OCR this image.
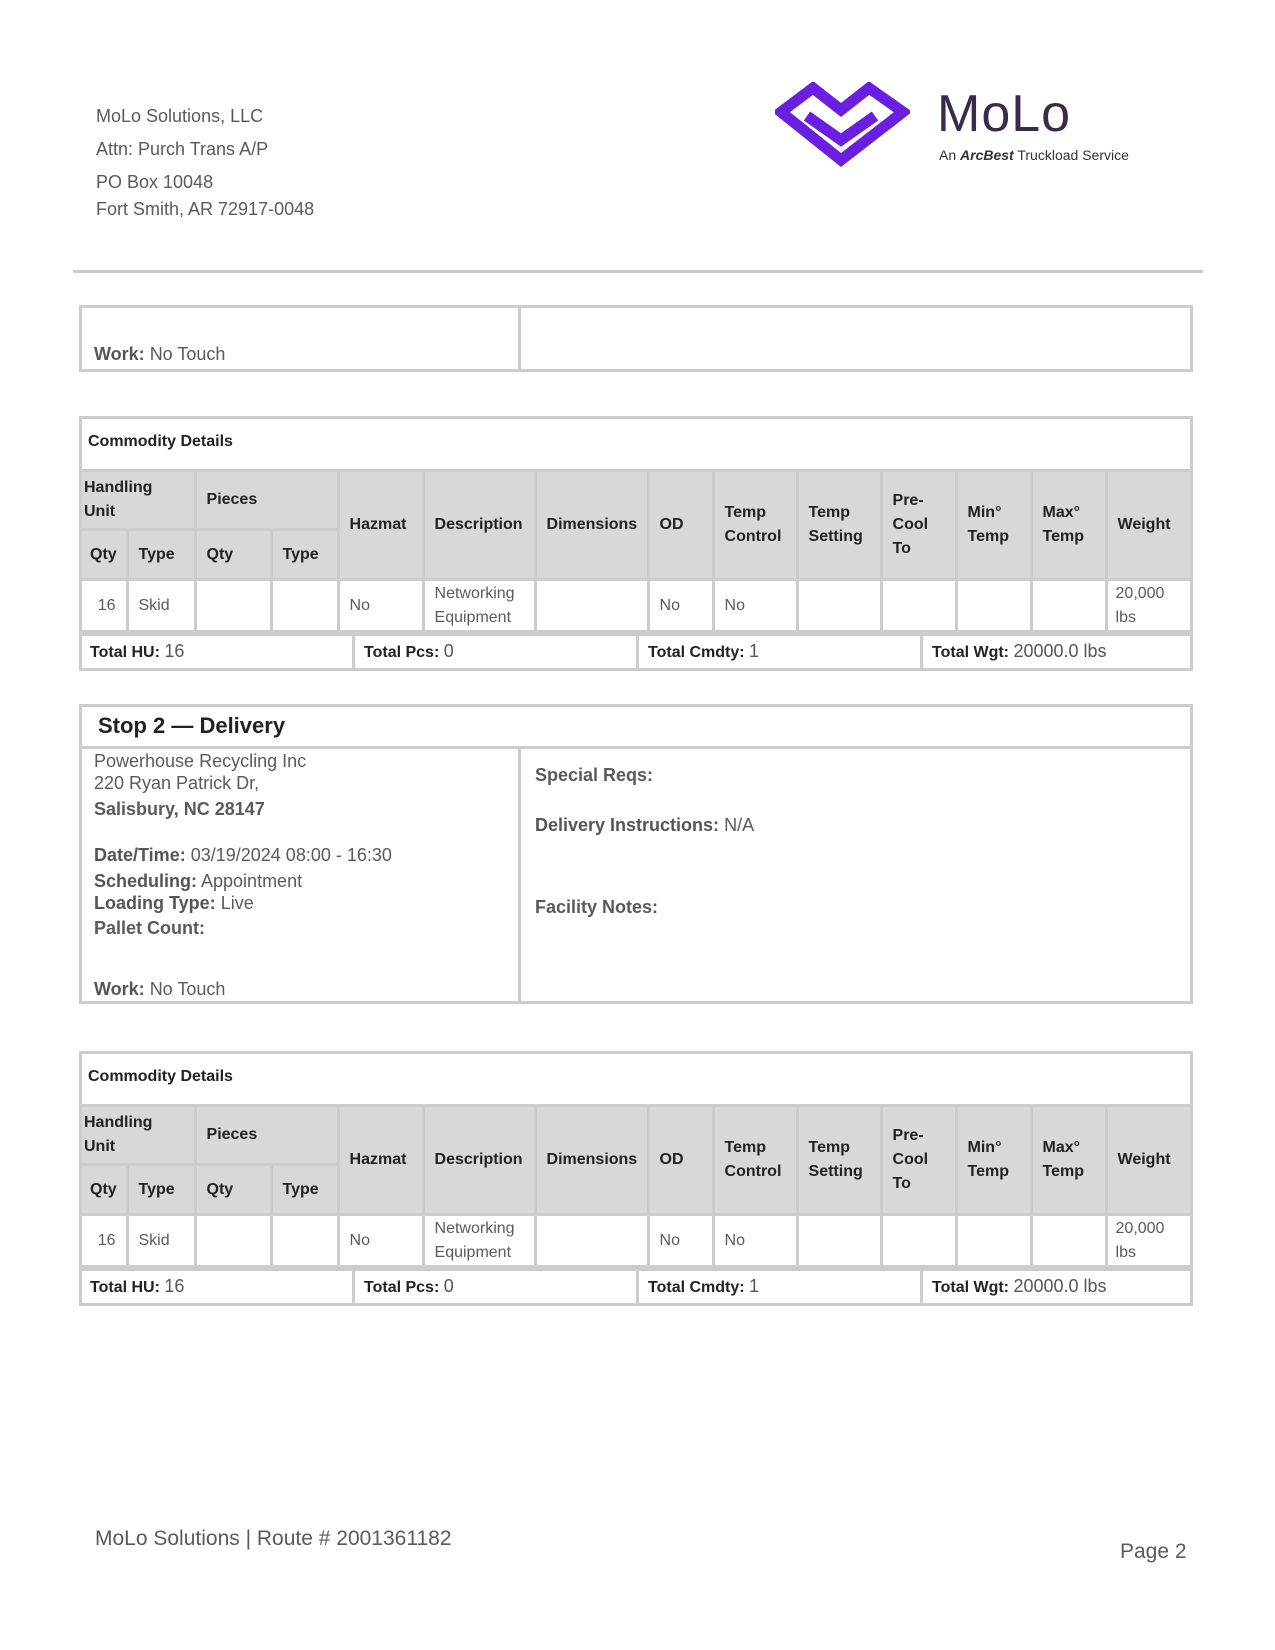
MoLo Solutions, LLC
Attn: Purch Trans A/P
PO Box 10048
Fort Smith, AR 72917-0048
MoLo
An ArcBest Truckload Service
Work: No Touch
Commodity Details
Handling Unit		Pieces		Hazmat	Description	Dimensions	OD	Temp Control	Temp Setting	Pre-Cool To	Min° Temp	Max° Temp	Weight
Qty	Type	Qty	Type										
16	Skid			No	Networking Equipment		No	No					20,000 lbs
Total HU: 16	Total Pcs: 0	Total Cmdty: 1	Total Wgt: 20000.0 lbs
Stop 2 — Delivery
Powerhouse Recycling Inc
220 Ryan Patrick Dr,
Salisbury, NC 28147
Date/Time: 03/19/2024 08:00 - 16:30
Scheduling: Appointment
Loading Type: Live
Pallet Count:
Work: No Touch
Special Reqs:
Delivery Instructions: N/A
Facility Notes:
Commodity Details
Handling Unit		Pieces		Hazmat	Description	Dimensions	OD	Temp Control	Temp Setting	Pre-Cool To	Min° Temp	Max° Temp	Weight
Qty	Type	Qty	Type										
16	Skid			No	Networking Equipment		No	No					20,000 lbs
Total HU: 16	Total Pcs: 0	Total Cmdty: 1	Total Wgt: 20000.0 lbs
MoLo Solutions | Route # 2001361182
Page 2
